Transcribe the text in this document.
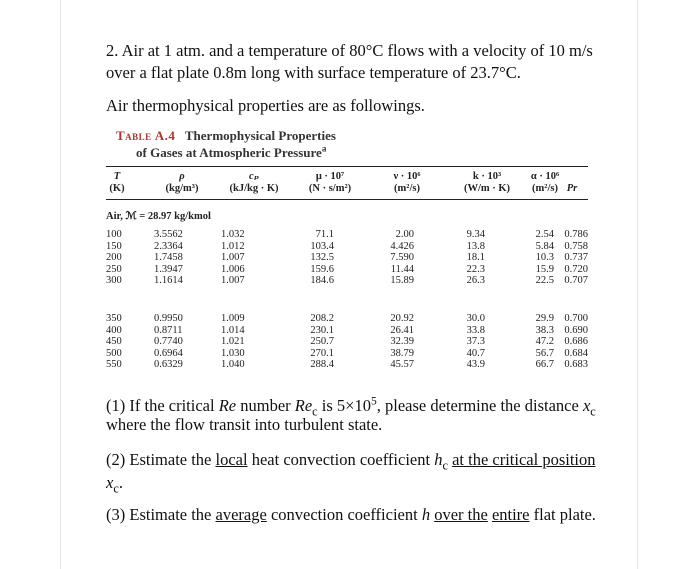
2. Air at 1 atm. and a temperature of 80°C flows with a velocity of 10 m/s

over a flat plate 0.8m long with surface temperature of 23.7°C.

Air thermophysical properties are as followings.

Table A.4 Thermophysical Properties
of Gases at Atmospheric Pressure$^a$
T
(K)
ρ
(kg/m³)
cₚ
(kJ/kg · K)
μ · 10⁷
(N · s/m²)
ν · 10⁶
(m²/s)
k · 10³
(W/m · K)
α · 10⁶
(m²/s) Pr
Air, ℳ = 28.97 kg/kmol
100
150
200
250
300
3.5562
2.3364
1.7458
1.3947
1.1614
1.032
1.012
1.007
1.006
1.007
71.1
103.4
132.5
159.6
184.6
2.00
4.426
7.590
11.44
15.89
9.34
13.8
18.1
22.3
26.3
2.54
5.84
10.3
15.9
22.5
0.786
0.758
0.737
0.720
0.707
350
400
450
500
550
0.9950
0.8711
0.7740
0.6964
0.6329
1.009
1.014
1.021
1.030
1.040
208.2
230.1
250.7
270.1
288.4
20.92
26.41
32.39
38.79
45.57
30.0
33.8
37.3
40.7
43.9
29.9
38.3
47.2
56.7
66.7
0.700
0.690
0.686
0.684
0.683

(1) If the critical Re number $Re_c$ is $5\times 10^5$, please determine the distance $x_c$

where the flow transit into turbulent state.

(2) Estimate the local heat convection coefficient $h_c$ at the critical position

$x_c$.

(3) Estimate the average convection coefficient h over the entire flat plate.
